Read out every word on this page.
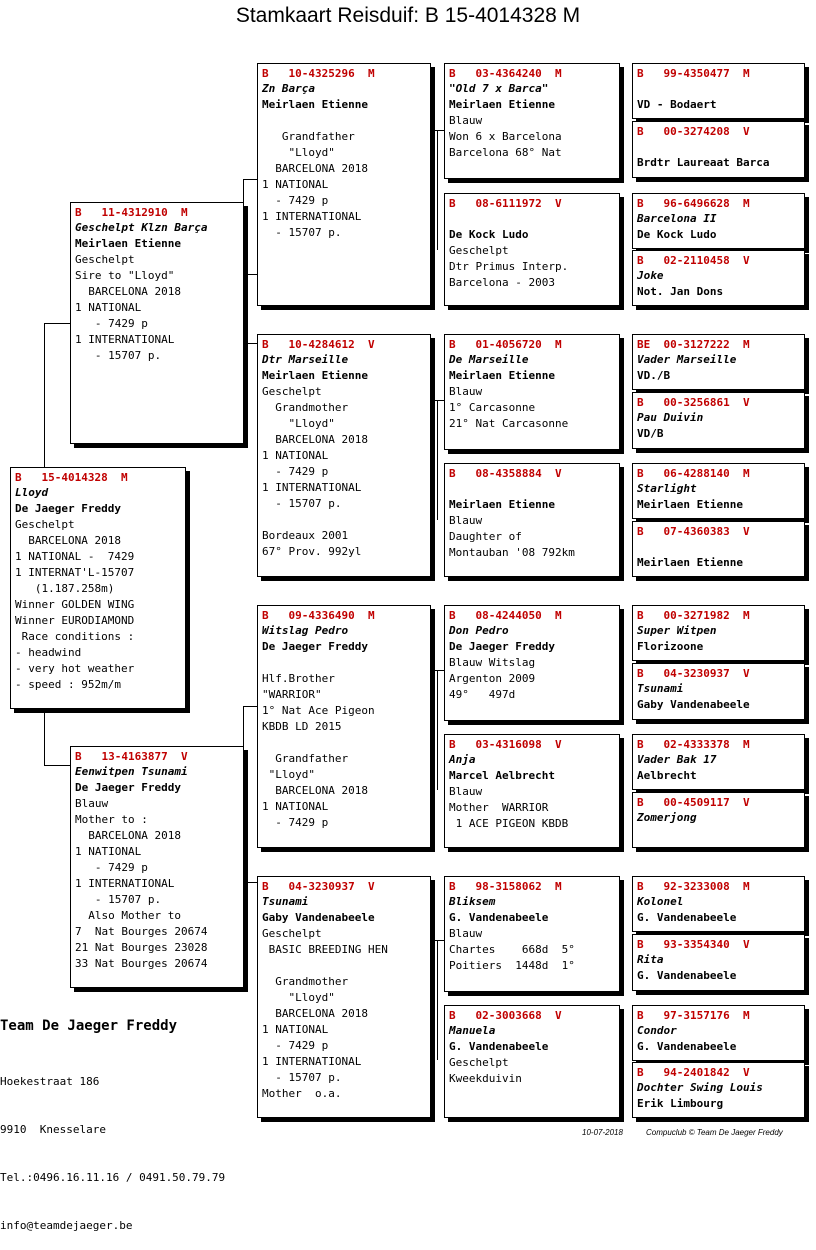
Stamkaart Reisduif: B 15-4014328 M
B   15-4014328  M
Lloyd
De Jaeger Freddy
Geschelpt
BARCELONA 2018
1 NATIONAL -  7429
1 INTERNAT'L-15707
(1.187.258m)
Winner GOLDEN WING
Winner EURODIAMOND
Race conditions :
- headwind
- very hot weather
- speed : 952m/m
B   11-4312910  M
Geschelpt Klzn Barça
Meirlaen Etienne
Geschelpt
Sire to "Lloyd"
BARCELONA 2018
1 NATIONAL
- 7429 p
1 INTERNATIONAL
- 15707 p.
B   13-4163877  V
Eenwitpen Tsunami
De Jaeger Freddy
Blauw
Mother to :
BARCELONA 2018
1 NATIONAL
- 7429 p
1 INTERNATIONAL
- 15707 p.
Also Mother to
7  Nat Bourges 20674
21 Nat Bourges 23028
33 Nat Bourges 20674
B   10-4325296  M
Zn Barça
Meirlaen Etienne

Grandfather
"Lloyd"
BARCELONA 2018
1 NATIONAL
- 7429 p
1 INTERNATIONAL
- 15707 p.
B   10-4284612  V
Dtr Marseille
Meirlaen Etienne
Geschelpt
Grandmother
"Lloyd"
BARCELONA 2018
1 NATIONAL
- 7429 p
1 INTERNATIONAL
- 15707 p.

Bordeaux 2001
67° Prov. 992yl
B   09-4336490  M
Witslag Pedro
De Jaeger Freddy

Hlf.Brother
"WARRIOR"
1° Nat Ace Pigeon
KBDB LD 2015

Grandfather
"Lloyd"
BARCELONA 2018
1 NATIONAL
- 7429 p
B   04-3230937  V
Tsunami
Gaby Vandenabeele
Geschelpt
BASIC BREEDING HEN

Grandmother
"Lloyd"
BARCELONA 2018
1 NATIONAL
- 7429 p
1 INTERNATIONAL
- 15707 p.
Mother  o.a.
B   03-4364240  M
"Old 7 x Barca"
Meirlaen Etienne
Blauw
Won 6 x Barcelona
Barcelona 68° Nat
B   08-6111972  V

De Kock Ludo
Geschelpt
Dtr Primus Interp.
Barcelona - 2003
B   01-4056720  M
De Marseille
Meirlaen Etienne
Blauw
1° Carcasonne
21° Nat Carcasonne
B   08-4358884  V

Meirlaen Etienne
Blauw
Daughter of
Montauban '08 792km
B   08-4244050  M
Don Pedro
De Jaeger Freddy
Blauw Witslag
Argenton 2009
49°   497d
B   03-4316098  V
Anja
Marcel Aelbrecht
Blauw
Mother  WARRIOR
1 ACE PIGEON KBDB
B   98-3158062  M
Bliksem
G. Vandenabeele
Blauw
Chartes    668d  5°
Poitiers  1448d  1°
B   02-3003668  V
Manuela
G. Vandenabeele
Geschelpt
Kweekduivin
B   99-4350477  M

VD - Bodaert
B   00-3274208  V

Brdtr Laureaat Barca
B   96-6496628  M
Barcelona II
De Kock Ludo
B   02-2110458  V
Joke
Not. Jan Dons
BE  00-3127222  M
Vader Marseille
VD./B
B   00-3256861  V
Pau Duivin
VD/B
B   06-4288140  M
Starlight
Meirlaen Etienne
B   07-4360383  V

Meirlaen Etienne
B   00-3271982  M
Super Witpen
Florizoone
B   04-3230937  V
Tsunami
Gaby Vandenabeele
B   02-4333378  M
Vader Bak 17
Aelbrecht
B   00-4509117  V
Zomerjong
B   92-3233008  M
Kolonel
G. Vandenabeele
B   93-3354340  V
Rita
G. Vandenabeele
B   97-3157176  M
Condor
G. Vandenabeele
B   94-2401842  V
Dochter Swing Louis
Erik Limbourg
Team De Jaeger Freddy

Hoekestraat 186

9910  Knesselare

Tel.:0496.16.11.16 / 0491.50.79.79

info@teamdejaeger.be

10-07-2018	Compuclub © Team De Jaeger Freddy
